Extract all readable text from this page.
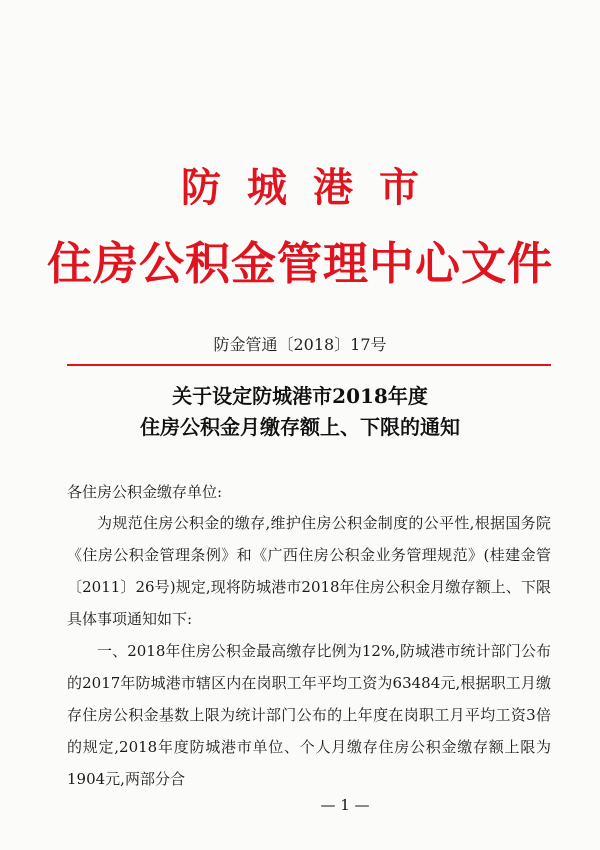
防城港市
住房公积金管理中心文件
防金管通〔2018〕17号
关于设定防城港市2018年度
住房公积金月缴存额上、下限的通知
各住房公积金缴存单位:
为规范住房公积金的缴存,维护住房公积金制度的公平性,根据国务院《住房公积金管理条例》和《广西住房公积金业务管理规范》(桂建金管〔2011〕26号)规定,现将防城港市2018年住房公积金月缴存额上、下限具体事项通知如下:
一、2018年住房公积金最高缴存比例为12%,防城港市统计部门公布的2017年防城港市辖区内在岗职工年平均工资为63484元,根据职工月缴存住房公积金基数上限为统计部门公布的上年度在岗职工月平均工资3倍的规定,2018年度防城港市单位、个人月缴存住房公积金缴存额上限为1904元,两部分合
— 1 —
